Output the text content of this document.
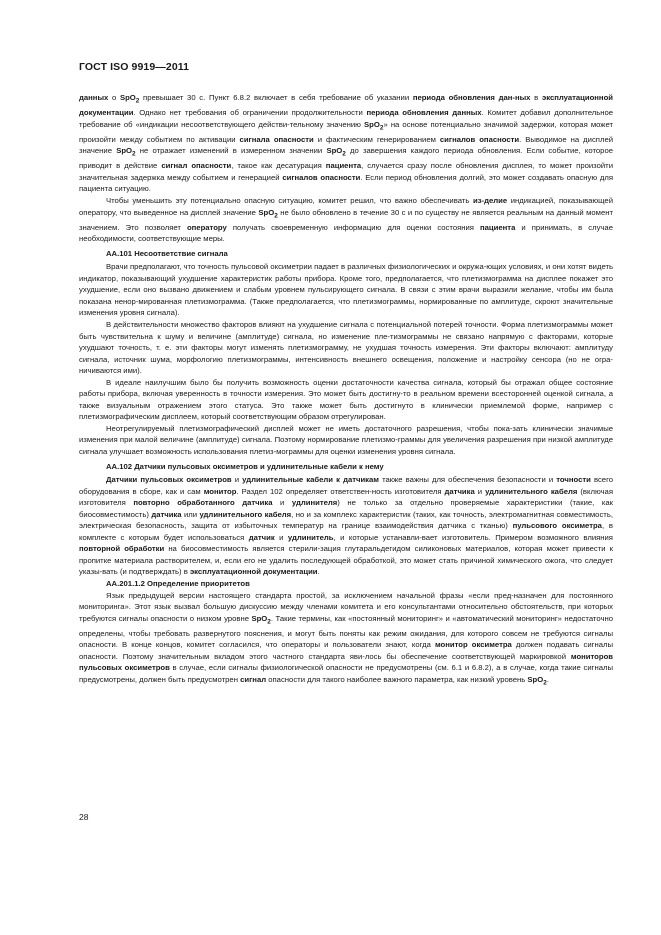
ГОСТ ISO 9919—2011

данных о SpO$_2$ превышает 30 с. Пункт 6.8.2 включает в себя требование об указании периода обновления дан-ных в эксплуатационной документации. Однако нет требования об ограничении продолжительности периода обновления данных. Комитет добавил дополнительное требование об «индикации несоответствующего действи-тельному значению SpO$_2$» на основе потенциально значимой задержки, которая может произойти между событием по активации сигнала опасности и фактическим генерированием сигналов опасности. Выводимое на дисплей значение SpO$_2$ не отражает изменений в измеренном значении SpO$_2$ до завершения каждого периода обновления. Если событие, которое приводит в действие сигнал опасности, такое как десатурация пациента, случается сразу после обновления дисплея, то может произойти значительная задержка между событием и генерацией сигналов опасности. Если период обновления долгий, это может создавать опасную для пациента ситуацию.

Чтобы уменьшить эту потенциально опасную ситуацию, комитет решил, что важно обеспечивать из-делие индикацией, показывающей оператору, что выведенное на дисплей значение SpO$_2$ не было обновлено в течение 30 с и по существу не является реальным на данный момент значением. Это позволяет оператору получать своевременную информацию для оценки состояния пациента и принимать, в случае необходимости, соответствующие меры.

АА.101 Несоответствие сигнала

Врачи предполагают, что точность пульсовой оксиметрии падает в различных физиологических и окружа-ющих условиях, и они хотят видеть индикатор, показывающий ухудшение характеристик работы прибора. Кроме того, предполагается, что плетизмограмма на дисплее покажет это ухудшение, если оно вызвано движением и слабым уровнем пульсирующего сигнала. В связи с этим врачи выразили желание, чтобы им была показана ненор-мированная плетизмограмма. (Также предполагается, что плетизмограммы, нормированные по амплитуде, скроют значительные изменения уровня сигнала).

В действительности множество факторов влияют на ухудшение сигнала с потенциальной потерей точности. Форма плетизмограммы может быть чувствительна к шуму и величине (амплитуде) сигнала, но изменение пле-тизмограммы не связано напрямую с факторами, которые ухудшают точность, т. е. эти факторы могут изменять плетизмограмму, не ухудшая точность измерения. Эти факторы включают: амплитуду сигнала, источник шума, морфологию плетизмограммы, интенсивность внешнего освещения, положение и настройку сенсора (но не огра-ничиваются ими).

В идеале наилучшим было бы получить возможность оценки достаточности качества сигнала, который бы отражал общее состояние работы прибора, включая уверенность в точности измерения. Это может быть достигну-то в реальном времени всесторонней оценкой сигнала, а также визуальным отражением этого статуса. Это также может быть достигнуто в клинически приемлемой форме, например с плетизмографическим дисплеем, который соответствующим образом отрегулирован.

Неотрегулируемый плетизмографический дисплей может не иметь достаточного разрешения, чтобы пока-зать клинически значимые изменения при малой величине (амплитуде) сигнала. Поэтому нормирование плетизмо-граммы для увеличения разрешения при низкой амплитуде сигнала улучшает возможность использования плетиз-мограммы для оценки изменения уровня сигнала.

АА.102 Датчики пульсовых оксиметров и удлинительные кабели к нему

Датчики пульсовых оксиметров и удлинительные кабели к датчикам также важны для обеспечения безопасности и точности всего оборудования в сборе, как и сам монитор. Раздел 102 определяет ответствен-ность изготовителя датчика и удлинительного кабеля (включая изготовителя повторно обработанного датчика и удлинителя) не только за отдельно проверяемые характеристики (такие, как биосовместимость) датчика или удлинительного кабеля, но и за комплекс характеристик (таких, как точность, электромагнитная совместимость, электрическая безопасность, защита от избыточных температур на границе взаимодействия датчика с тканью) пульсового оксиметра, в комплекте с которым будет использоваться датчик и удлинитель, и которые устанавли-вает изготовитель. Примером возможного влияния повторной обработки на биосовместимость является стерили-зация глутаральдегидом силиконовых материалов, которая может привести к пропитке материала растворителем, и, если его не удалить последующей обработкой, это может стать причиной химического ожога, что следует указы-вать (и подтверждать) в эксплуатационной документации.

АА.201.1.2 Определение приоритетов

Язык предыдущей версии настоящего стандарта простой, за исключением начальной фразы «если пред-назначен для постоянного мониторинга». Этот язык вызвал большую дискуссию между членами комитета и его консультантами относительно обстоятельств, при которых требуются сигналы опасности о низком уровне SpO$_2$. Такие термины, как «постоянный мониторинг» и «автоматический мониторинг» недостаточно определены, чтобы требовать развернутого пояснения, и могут быть поняты как режим ожидания, для которого совсем не требуются сигналы опасности. В конце концов, комитет согласился, что операторы и пользователи знают, когда монитор оксиметра должен подавать сигналы опасности. Поэтому значительным вкладом этого частного стандарта яви-лось бы обеспечение соответствующей маркировкой мониторов пульсовых оксиметров в случае, если сигналы физиологической опасности не предусмотрены (см. 6.1 и 6.8.2), а в случае, когда такие сигналы предусмотрены, должен быть предусмотрен сигнал опасности для такого наиболее важного параметра, как низкий уровень SpO$_2$.

28
